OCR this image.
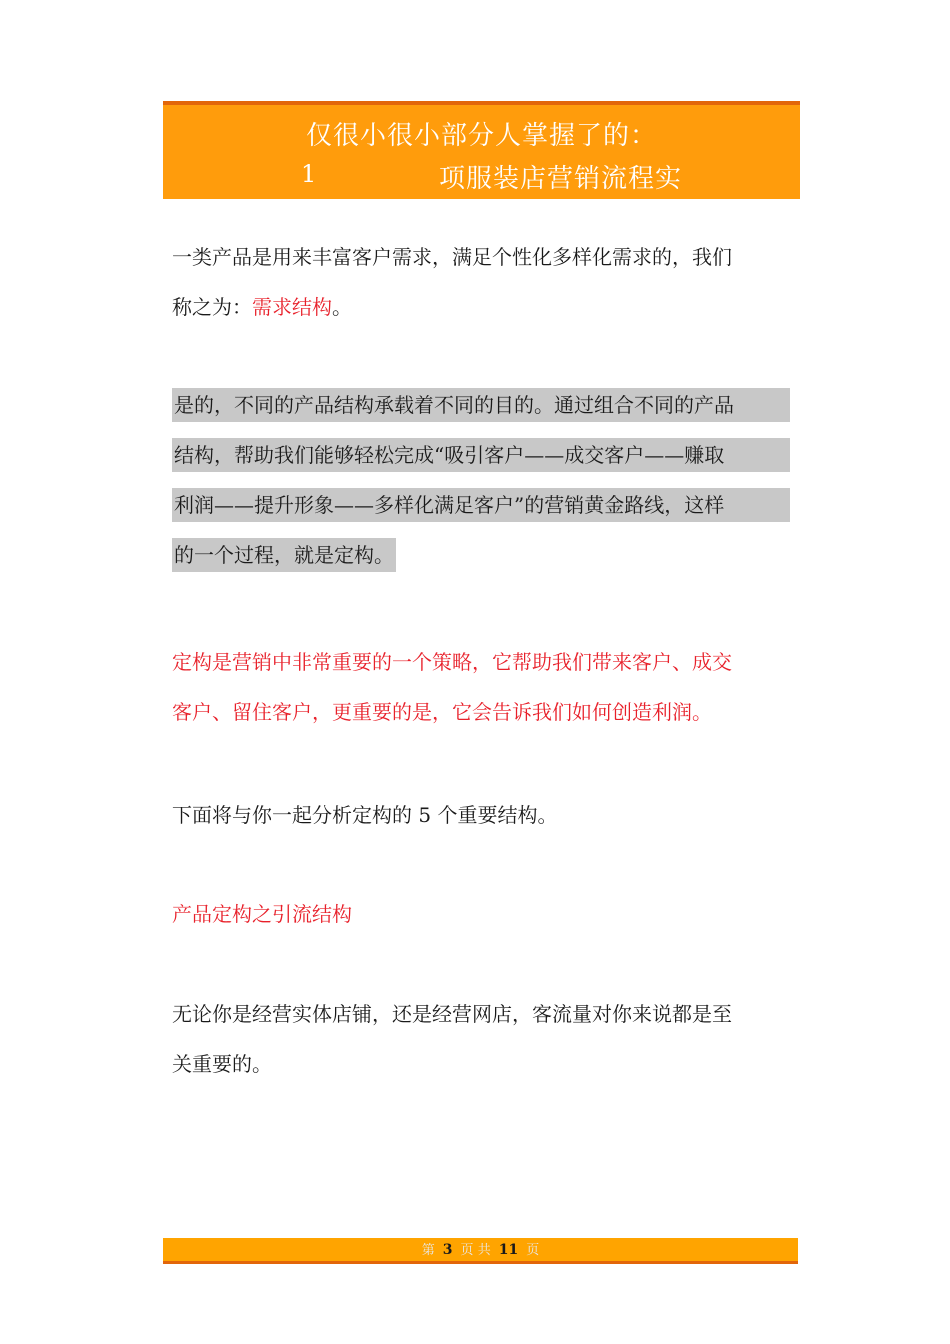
仅很小很小部分人掌握了的：
1	项服装店营销流程实

一类产品是用来丰富客户需求，满足个性化多样化需求的，我们
称之为：需求结构。

是的，不同的产品结构承载着不同的目的。通过组合不同的产品
结构，帮助我们能够轻松完成“吸引客户——成交客户——赚取
利润——提升形象——多样化满足客户”的营销黄金路线，这样
的一个过程，就是定构。

定构是营销中非常重要的一个策略，它帮助我们带来客户、成交
客户、留住客户，更重要的是，它会告诉我们如何创造利润。

下面将与你一起分析定构的 5 个重要结构。

产品定构之引流结构

无论你是经营实体店铺，还是经营网店，客流量对你来说都是至
关重要的。

第 3 页 共 11 页
